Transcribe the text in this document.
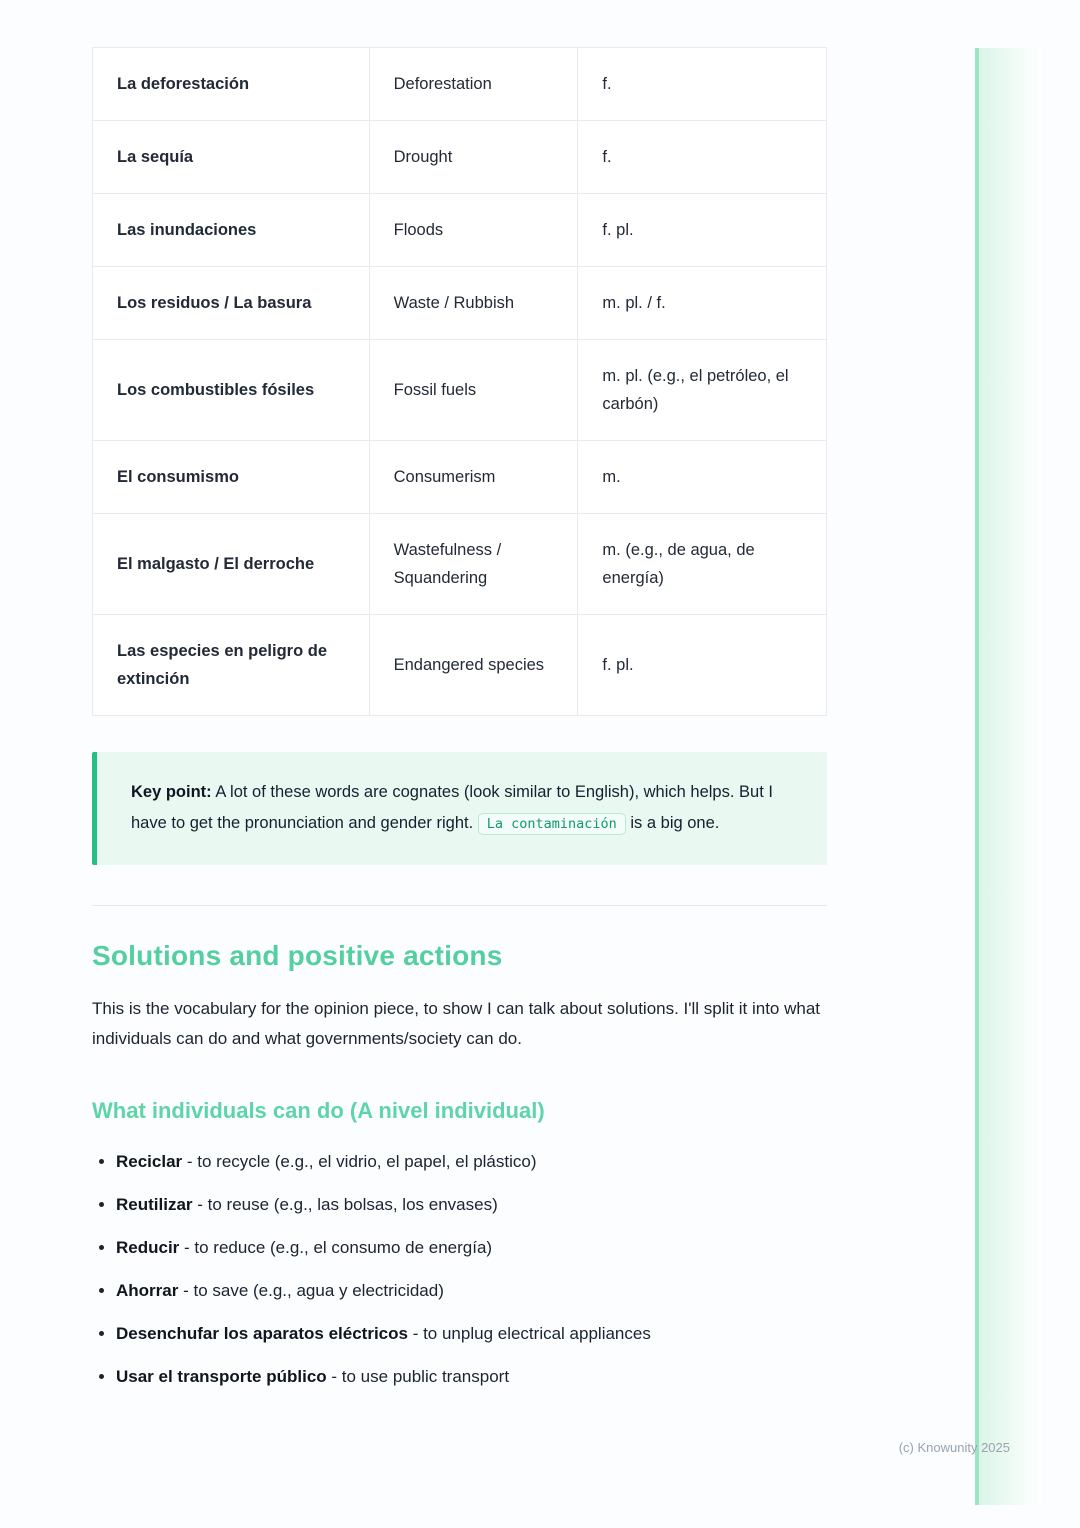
La deforestación	Deforestation	f.
La sequía	Drought	f.
Las inundaciones	Floods	f. pl.
Los residuos / La basura	Waste / Rubbish	m. pl. / f.
Los combustibles fósiles	Fossil fuels	m. pl. (e.g., el petróleo, el carbón)
El consumismo	Consumerism	m.
El malgasto / El derroche	Wastefulness / Squandering	m. (e.g., de agua, de energía)
Las especies en peligro de extinción	Endangered species	f. pl.

Key point: A lot of these words are cognates (look similar to English), which helps. But I have to get the pronunciation and gender right. La contaminación is a big one.

Solutions and positive actions

This is the vocabulary for the opinion piece, to show I can talk about solutions. I'll split it into what individuals can do and what governments/society can do.

What individuals can do (A nivel individual)
• Reciclar - to recycle (e.g., el vidrio, el papel, el plástico)
• Reutilizar - to reuse (e.g., las bolsas, los envases)
• Reducir - to reduce (e.g., el consumo de energía)
• Ahorrar - to save (e.g., agua y electricidad)
• Desenchufar los aparatos eléctricos - to unplug electrical appliances
• Usar el transporte público - to use public transport
(c) Knowunity 2025
